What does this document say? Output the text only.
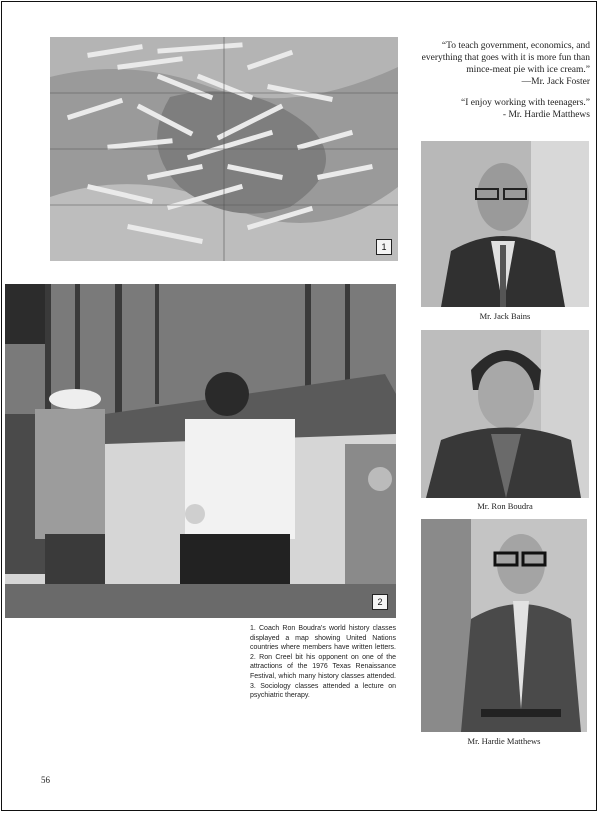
1

“To teach government, economics, and everything that goes with it is more fun than mince-meat pie with ice cream.”
—Mr. Jack Foster

“I enjoy working with teenagers.”
- Mr. Hardie Matthews

2
Mr. Jack Bains
Mr. Ron Boudra
Mr. Hardie Matthews
1. Coach Ron Boudra's world history classes displayed a map showing United Nations countries where members have written letters. 2. Ron Creel bit his opponent on one of the attractions of the 1976 Texas Renaissance Festival, which many history classes attended. 3. Sociology classes attended a lecture on psychiatric therapy.
56
